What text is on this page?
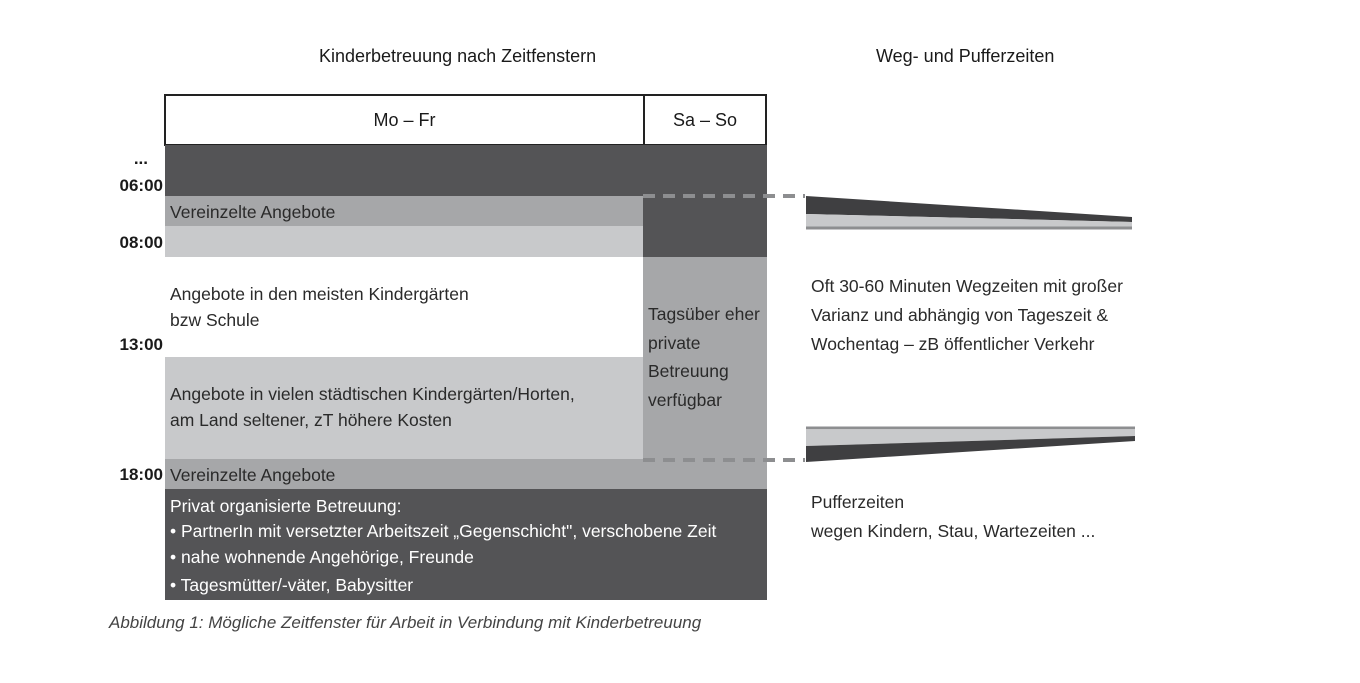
Kinderbetreuung nach Zeitfenstern	Weg- und Pufferzeiten
Mo – Fr	Sa – So
...
06:00
08:00
13:00
18:00
Vereinzelte Angebote
Angebote in den meisten Kindergärten
bzw Schule
Angebote in vielen städtischen Kindergärten/Horten,
am Land seltener, zT höhere Kosten
Vereinzelte Angebote
Privat organisierte Betreuung:
• PartnerIn mit versetzter Arbeitszeit „Gegenschicht", verschobene Zeit
• nahe wohnende Angehörige, Freunde
• Tagesmütter/-väter, Babysitter
Tagsüber eher
private
Betreuung
verfügbar
Oft 30-60 Minuten Wegzeiten mit großer
Varianz und abhängig von Tageszeit &
Wochentag – zB öffentlicher Verkehr
Pufferzeiten
wegen Kindern, Stau, Wartezeiten ...
Abbildung 1: Mögliche Zeitfenster für Arbeit in Verbindung mit Kinderbetreuung
